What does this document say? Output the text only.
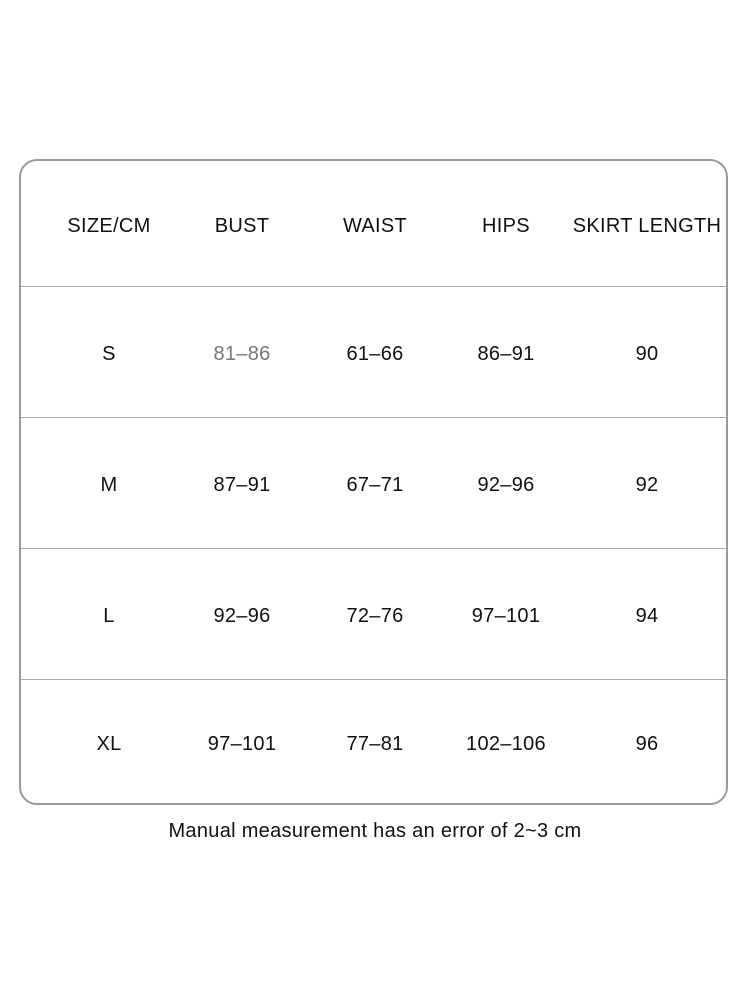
SIZE/CM	BUST	WAIST	HIPS	SKIRT LENGTH
S	81–86	61–66	86–91	90
M	87–91	67–71	92–96	92
L	92–96	72–76	97–101	94
XL	97–101	77–81	102–106	96
Manual measurement has an error of 2~3 cm
